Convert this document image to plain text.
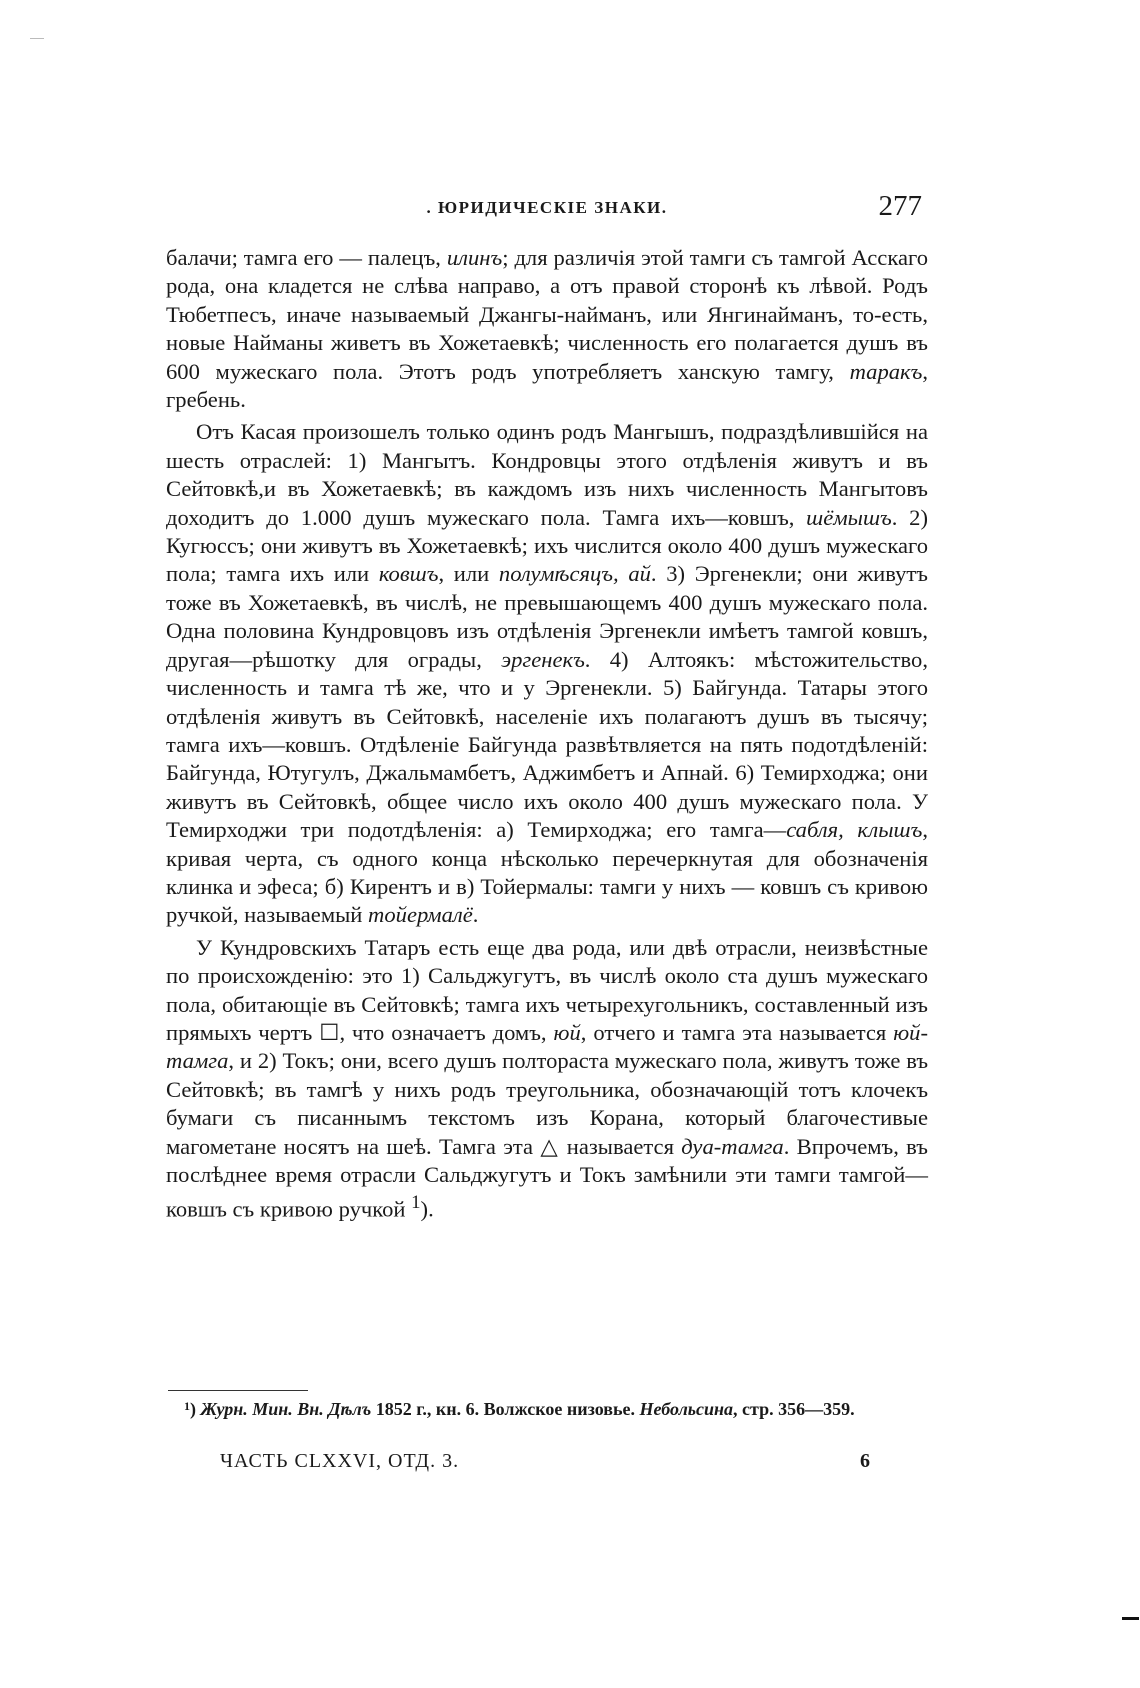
. ЮРИДИЧЕСКІЕ ЗНАКИ.	277

балачи; тамга его — палецъ, илинъ; для различія этой тамги съ тамгой Асскаго рода, она кладется не слѣва направо, а отъ правой сторонѣ къ лѣвой. Родъ Тюбетпесъ, иначе называемый Джангы-найманъ, или Янгинайманъ, то-есть, новые Найманы живетъ въ Хожетаевкѣ; численность его полагается душъ въ 600 мужескаго пола. Этотъ родъ употребляетъ ханскую тамгу, таракъ, гребень.

Отъ Касая произошелъ только одинъ родъ Мангышъ, подраздѣлившійся на шесть отраслей: 1) Мангытъ. Кондровцы этого отдѣленія живутъ и въ Сейтовкѣ,и въ Хожетаевкѣ; въ каждомъ изъ нихъ численность Мангытовъ доходитъ до 1.000 душъ мужескаго пола. Тамга ихъ—ковшъ, шёмышъ. 2) Кугюссъ; они живутъ въ Хожетаевкѣ; ихъ числится около 400 душъ мужескаго пола; тамга ихъ или ковшъ, или полумѣсяцъ, ай. 3) Эргенекли; они живутъ тоже въ Хожетаевкѣ, въ числѣ, не превышающемъ 400 душъ мужескаго пола. Одна половина Кундровцовъ изъ отдѣленія Эргенекли имѣетъ тамгой ковшъ, другая—рѣшотку для ограды, эргенекъ. 4) Алтоякъ: мѣстожительство, численность и тамга тѣ же, что и у Эргенекли. 5) Байгунда. Татары этого отдѣленія живутъ въ Сейтовкѣ, населеніе ихъ полагаютъ душъ въ тысячу; тамга ихъ—ковшъ. Отдѣленіе Байгунда развѣтвляется на пять подотдѣленій: Байгунда, Ютугулъ, Джальмамбетъ, Аджимбетъ и Апнай. 6) Темирходжа; они живутъ въ Сейтовкѣ, общее число ихъ около 400 душъ мужескаго пола. У Темирходжи три подотдѣленія: а) Темирходжа; его тамга—сабля, клышъ, кривая черта, съ одного конца нѣсколько перечеркнутая для обозначенія клинка и эфеса; б) Кирентъ и в) Тойермалы: тамги у нихъ — ковшъ съ кривою ручкой, называемый тойермалё.

У Кундровскихъ Татаръ есть еще два рода, или двѣ отрасли, неизвѣстные по происхожденію: это 1) Сальджугутъ, въ числѣ около ста душъ мужескаго пола, обитающіе въ Сейтовкѣ; тамга ихъ четырехугольникъ, составленный изъ прямыхъ чертъ ☐, что означаетъ домъ, юй, отчего и тамга эта называется юй-тамга, и 2) Токъ; они, всего душъ полтораста мужескаго пола, живутъ тоже въ Сейтовкѣ; въ тамгѣ у нихъ родъ треугольника, обозначающій тотъ клочекъ бумаги съ писаннымъ текстомъ изъ Корана, который благочестивые магометане носятъ на шеѣ. Тамга эта △ называется дуа-тамга. Впрочемъ, въ послѣднее время отрасли Сальджугутъ и Токъ замѣнили эти тамги тамгой—ковшъ съ кривою ручкой $^1$).

$^1$) Журн. Мин. Вн. Дѣлъ 1852 г., кн. 6. Волжское низовье. Небольсина, стр. 356—359.

ЧАСТЬ CLXXVI, ОТД. 3.	6
